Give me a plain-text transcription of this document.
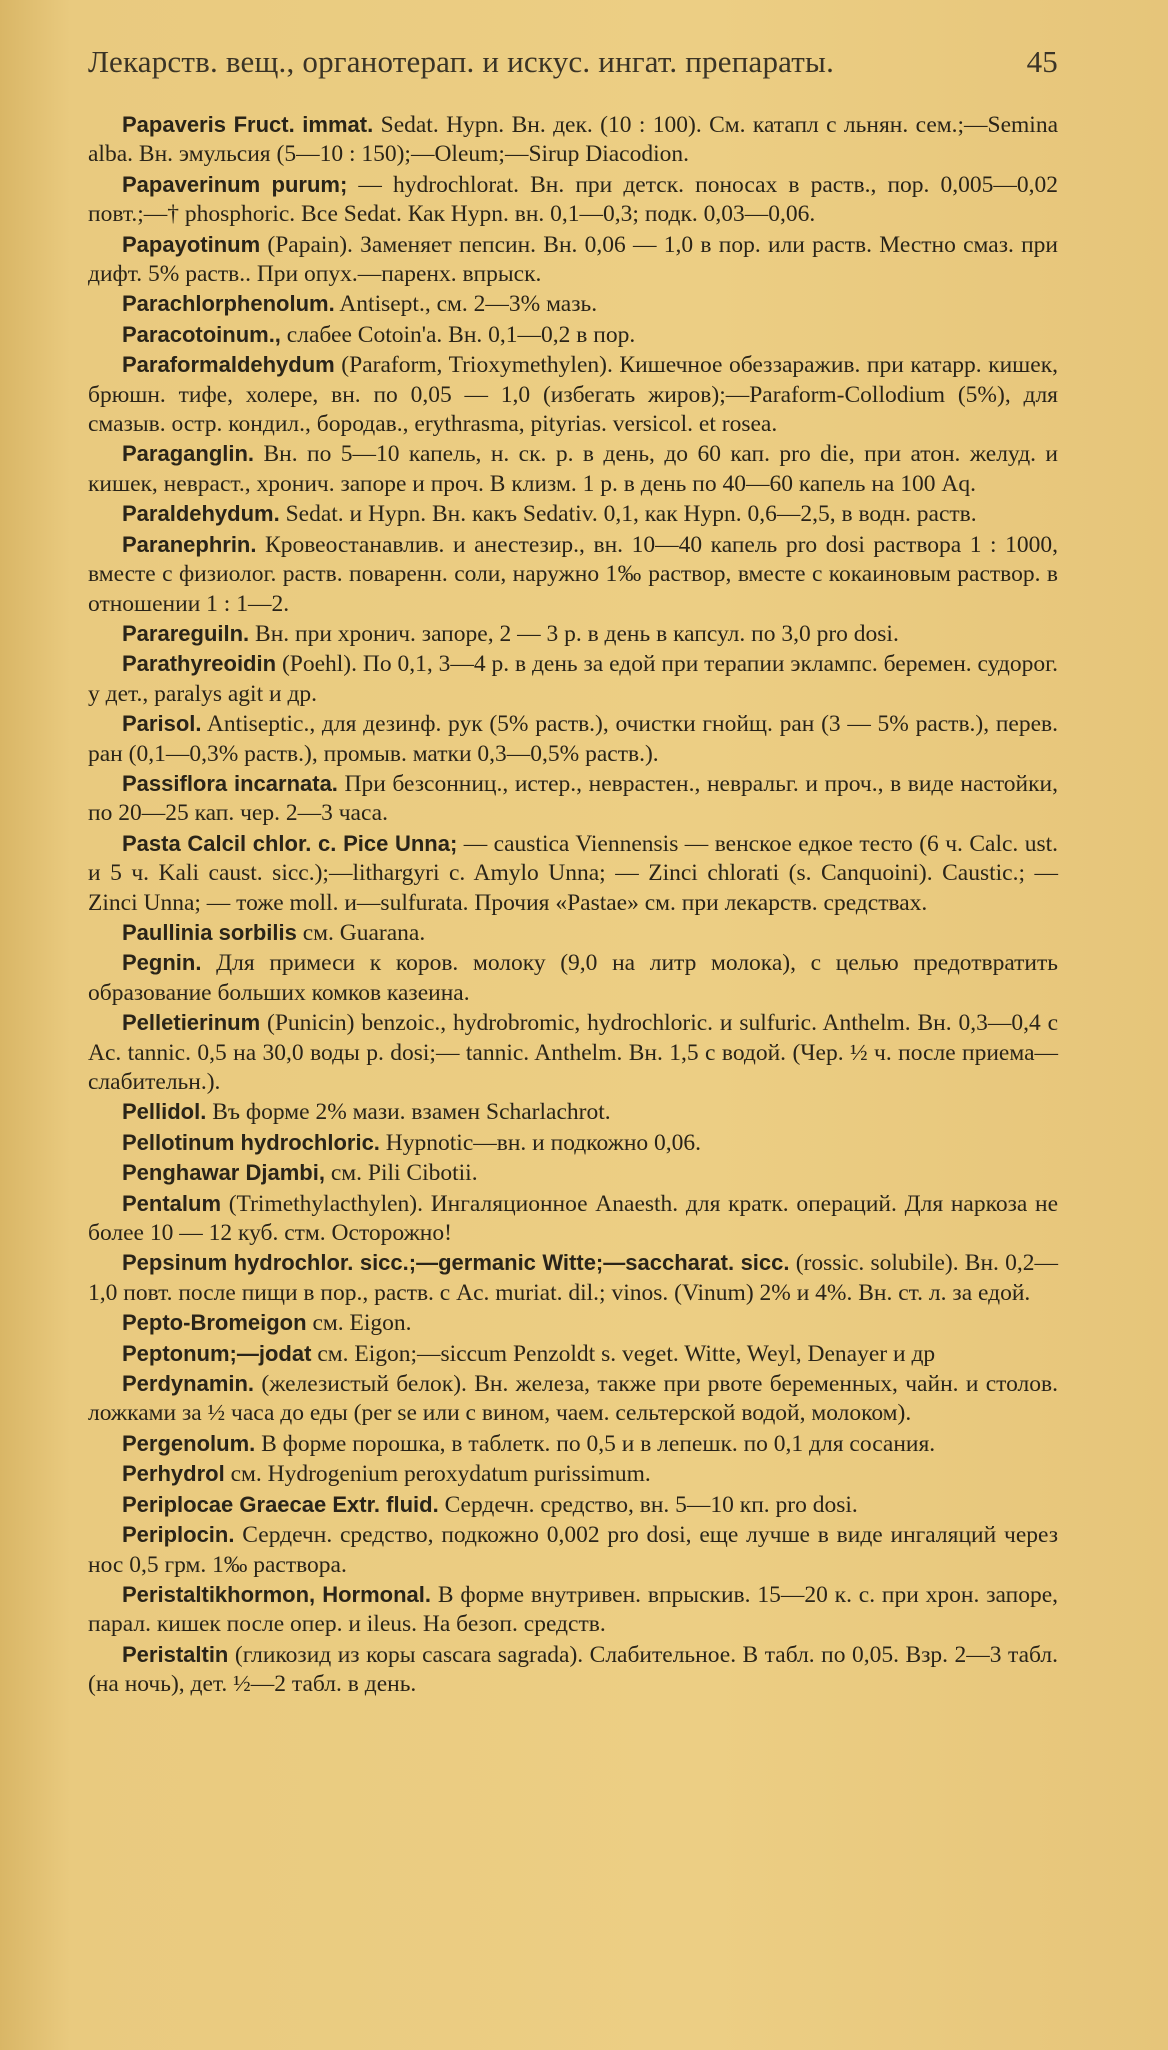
Лекарств. вещ., органотерап. и искус. ингат. препараты.	45

Papaveris Fruct. immat. Sedat. Hypn. Вн. дек. (10 : 100). См. катапл с льнян. сем.;—Semina alba. Вн. эмульсия (5—10 : 150);—Oleum;—Sirup Diacodion.

Papaverinum purum; — hydrochlorat. Вн. при детск. поносах в раств., пор. 0,005—0,02 повт.;—† phosphoric. Все Sedat. Как Hypn. вн. 0,1—0,3; подк. 0,03—0,06.

Papayotinum (Papain). Заменяет пепсин. Вн. 0,06 — 1,0 в пор. или раств. Местно смаз. при дифт. 5% раств.. При опух.—паренх. впрыск.

Parachlorphenolum. Antisept., см. 2—3% мазь.

Paracotoinum., слабее Cotoin'а. Вн. 0,1—0,2 в пор.

Paraformaldehydum (Paraform, Trioxymethylen). Кишечное обеззаражив. при катарр. кишек, брюшн. тифе, холере, вн. по 0,05 — 1,0 (избегать жиров);—Paraform-Collodium (5%), для смазыв. остр. кондил., бородав., erythrasma, pityrias. versicol. et rosea.

Paraganglin. Вн. по 5—10 капель, н. ск. р. в день, до 60 кап. pro die, при атон. желуд. и кишек, неврaст., хронич. запоре и проч. В клизм. 1 р. в день по 40—60 капель на 100 Aq.

Paraldehydum. Sedat. и Hypn. Вн. какъ Sedativ. 0,1, как Hypn. 0,6—2,5, в водн. раств.

Paranephrin. Кровеостанавлив. и анестезир., вн. 10—40 капель pro dosi раствора 1 : 1000, вместе с физиолог. раств. поваренн. соли, наружно 1‰ раствор, вместе с кокаиновым раствор. в отношении 1 : 1—2.

Parareguiln. Вн. при хронич. запоре, 2 — 3 р. в день в капсул. по 3,0 pro dosi.

Parathyreoidin (Poehl). По 0,1, 3—4 р. в день за едой при терапии эклампс. беремен. судорог. у дет., paralys agit и др.

Parisol. Antiseptic., для дезинф. рук (5% раств.), очистки гнойщ. ран (3 — 5% раств.), перев. ран (0,1—0,3% раств.), промыв. матки 0,3—0,5% раств.).

Passiflora incarnata. При безсонниц., истер., неврaстен., невральг. и проч., в виде настойки, по 20—25 кап. чер. 2—3 часа.

Pasta Calcil chlor. c. Pice Unna; — caustica Viennensis — венское едкое тесто (6 ч. Calc. ust. и 5 ч. Kali caust. sicc.);—lithargyri c. Amylo Unna; — Zinci chlorati (s. Canquoini). Caustic.; — Zinci Unna; — тоже moll. и—sulfurata. Прочия «Pastae» см. при лекарств. средствах.

Paullinia sorbilis см. Guarana.

Pegnin. Для примеси к коров. молоку (9,0 на литр молока), с целью предотвратить образование больших комков казеина.

Pelletierinum (Punicin) benzoic., hydrobromic, hydrochloric. и sulfuric. Anthelm. Вн. 0,3—0,4 с Ac. tannic. 0,5 на 30,0 воды p. dosi;— tannic. Anthelm. Вн. 1,5 с водой. (Чер. ½ ч. после приема—слабительн.).

Pellidol. Въ форме 2% мази. взамен Scharlachrot.

Pellotinum hydrochloric. Hypnotic—вн. и подкожно 0,06.

Penghawar Djambi, см. Pili Cibotii.

Pentalum (Trimethylacthylen). Ингаляционное Anaesth. для кратк. операций. Для наркоза не более 10 — 12 куб. стм. Осторожно!

Pepsinum hydrochlor. sicc.;—germanic Witte;—saccharat. sicc. (rossic. solubile). Вн. 0,2—1,0 повт. после пищи в пор., раств. с Ac. muriat. dil.; vinos. (Vinum) 2% и 4%. Вн. ст. л. за едой.

Pepto-Bromeigon см. Eigon.

Peptonum;—jodat см. Eigon;—siccum Penzoldt s. veget. Witte, Weyl, Denayer и др

Perdynamin. (железистый белок). Вн. железа, также при рвоте беременных, чайн. и столов. ложками за ½ часа до еды (per se или с вином, чаем. сельтерской водой, молоком).

Pergenolum. В форме порошка, в таблетк. по 0,5 и в лепешк. по 0,1 для сосания.

Perhydrol см. Hydrogenium peroxydatum purissimum.

Periplocae Graecae Extr. fluid. Сердечн. средство, вн. 5—10 кп. pro dosi.

Periplocin. Сердечн. средство, подкожно 0,002 pro dosi, еще лучше в виде ингаляций через нос 0,5 грм. 1‰ раствора.

Peristaltikhormon, Hormonal. В форме внутривен. впрыскив. 15—20 к. с. при хрон. запоре, парал. кишек после опер. и ileus. На безоп. средств.

Peristaltin (гликозид из коры cascara sagrada). Слабительное. В табл. по 0,05. Взр. 2—3 табл. (на ночь), дет. ½—2 табл. в день.
